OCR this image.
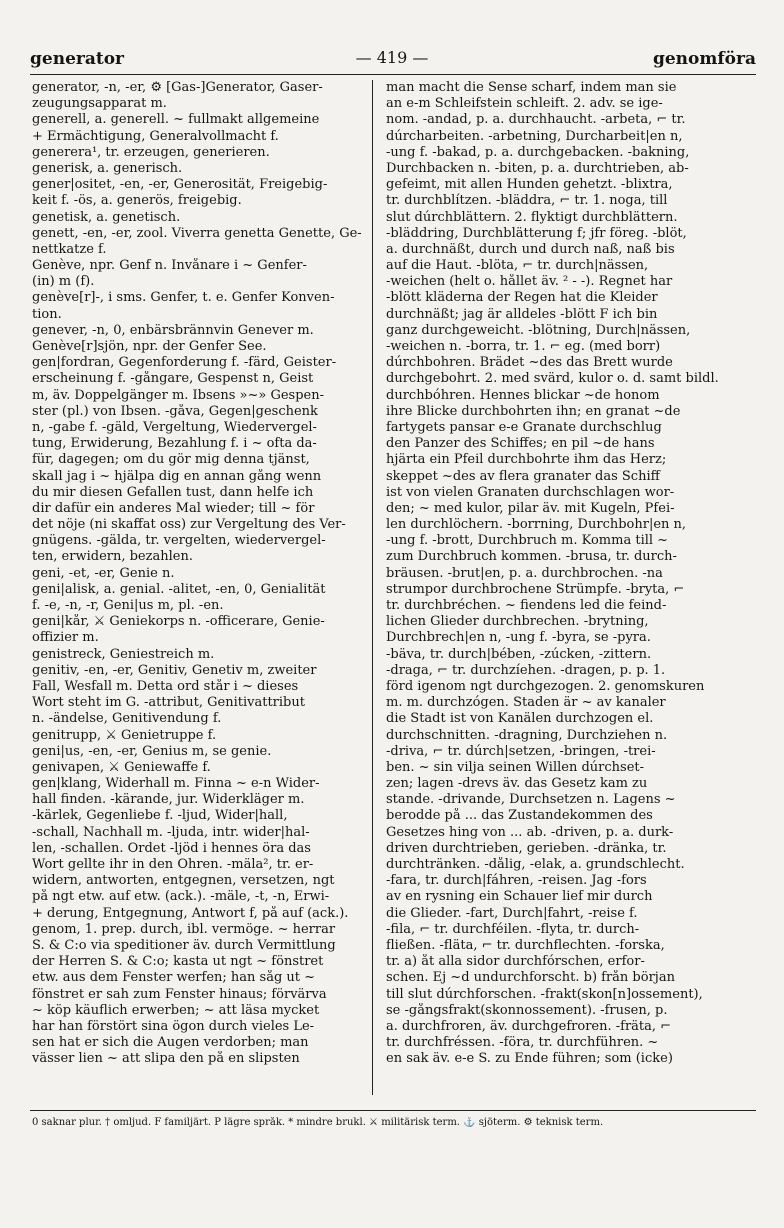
generator	— 419 —	genomföra
generator, -n, -er, ⚙ [Gas-]Generator, Gaser-
zeugungsapparat m.
generell, a. generell. ~ fullmakt allgemeine
+ Ermächtigung, Generalvollmacht f.
generera¹, tr. erzeugen, generieren.
generisk, a. generisch.
gener|ositet, -en, -er, Generosität, Freigebig-
keit f. -ös, a. generös, freigebig.
genetisk, a. genetisch.
genett, -en, -er, zool. Viverra genetta Genette, Ge-
nettkatze f.
Genève, npr. Genf n. Invånare i ~ Genfer-
(in) m (f).
genève[r]-, i sms. Genfer, t. e. Genfer Konven-
tion.
genever, -n, 0, enbärsbrännvin Genever m.
Genève[r]sjön, npr. der Genfer See.
gen|fordran, Gegenforderung f. -färd, Geister-
erscheinung f. -gångare, Gespenst n, Geist
m, äv. Doppelgänger m. Ibsens »~» Gespen-
ster (pl.) von Ibsen. -gåva, Gegen|geschenk
n, -gabe f. -gäld, Vergeltung, Wiedervergel-
tung, Erwiderung, Bezahlung f. i ~ ofta da-
für, dagegen; om du gör mig denna tjänst,
skall jag i ~ hjälpa dig en annan gång wenn
du mir diesen Gefallen tust, dann helfe ich
dir dafür ein anderes Mal wieder; till ~ för
det nöje (ni skaffat oss) zur Vergeltung des Ver-
gnügens. -gälda, tr. vergelten, wiedervergel-
ten, erwidern, bezahlen.
geni, -et, -er, Genie n.
geni|alisk, a. genial. -alitet, -en, 0, Genialität
f. -e, -n, -r, Geni|us m, pl. -en.
geni|kår, ⚔ Geniekorps n. -officerare, Genie-
offizier m.
genistreck, Geniestreich m.
genitiv, -en, -er, Genitiv, Genetiv m, zweiter
Fall, Wesfall m. Detta ord står i ~ dieses
Wort steht im G. -attribut, Genitivattribut
n. -ändelse, Genitivendung f.
genitrupp, ⚔ Genietruppe f.
geni|us, -en, -er, Genius m, se genie.
genivapen, ⚔ Geniewaffe f.
gen|klang, Widerhall m. Finna ~ e-n Wider-
hall finden. -kärande, jur. Widerkläger m.
-kärlek, Gegenliebe f. -ljud, Wider|hall,
-schall, Nachhall m. -ljuda, intr. wider|hal-
len, -schallen. Ordet -ljöd i hennes öra das
Wort gellte ihr in den Ohren. -mäla², tr. er-
widern, antworten, entgegnen, versetzen, ngt
på ngt etw. auf etw. (ack.). -mäle, -t, -n, Erwi-
+ derung, Entgegnung, Antwort f, på auf (ack.).
genom, 1. prep. durch, ibl. vermöge. ~ herrar
S. & C:o via speditioner äv. durch Vermittlung
der Herren S. & C:o; kasta ut ngt ~ fönstret
etw. aus dem Fenster werfen; han såg ut ~
fönstret er sah zum Fenster hinaus; förvärva
~ köp käuflich erwerben; ~ att läsa mycket
har han förstört sina ögon durch vieles Le-
sen hat er sich die Augen verdorben; man
vässer lien ~ att slipa den på en slipsten
man macht die Sense scharf, indem man sie
an e-m Schleifstein schleift. 2. adv. se ige-
nom. -andad, p. a. durchhaucht. -arbeta, ⌐ tr.
dúrcharbeiten. -arbetning, Durcharbeit|en n,
-ung f. -bakad, p. a. durchgebacken. -bakning,
Durchbacken n. -biten, p. a. durchtrieben, ab-
gefeimt, mit allen Hunden gehetzt. -blixtra,
tr. durchblítzen. -bläddra, ⌐ tr. 1. noga, till
slut dúrchblättern. 2. flyktigt durchblättern.
-bläddring, Durchblätterung f; jfr föreg. -blöt,
a. durchnäßt, durch und durch naß, naß bis
auf die Haut. -blöta, ⌐ tr. durch|nässen,
-weichen (helt o. hållet äv. ² - -). Regnet har
-blött kläderna der Regen hat die Kleider
durchnäßt; jag är alldeles -blött F ich bin
ganz durchgeweicht. -blötning, Durch|nässen,
-weichen n. -borra, tr. 1. ⌐ eg. (med borr)
dúrchbohren. Brädet ~des das Brett wurde
durchgebohrt. 2. med svärd, kulor o. d. samt bildl.
durchbóhren. Hennes blickar ~de honom
ihre Blicke durchbohrten ihn; en granat ~de
fartygets pansar e-e Granate durchschlug
den Panzer des Schiffes; en pil ~de hans
hjärta ein Pfeil durchbohrte ihm das Herz;
skeppet ~des av flera granater das Schiff
ist von vielen Granaten durchschlagen wor-
den; ~ med kulor, pilar äv. mit Kugeln, Pfei-
len durchlöchern. -borrning, Durchbohr|en n,
-ung f. -brott, Durchbruch m. Komma till ~
zum Durchbruch kommen. -brusa, tr. durch-
bräusen. -brut|en, p. a. durchbrochen. -na
strumpor durchbrochene Strümpfe. -bryta, ⌐
tr. durchbréchen. ~ fiendens led die feind-
lichen Glieder durchbrechen. -brytning,
Durchbrech|en n, -ung f. -byra, se -pyra.
-bäva, tr. durch|bében, -zúcken, -zittern.
-draga, ⌐ tr. durchzíehen. -dragen, p. p. 1.
förd igenom ngt durchgezogen. 2. genomskuren
m. m. durchzógen. Staden är ~ av kanaler
die Stadt ist von Kanälen durchzogen el.
durchschnitten. -dragning, Durchziehen n.
-driva, ⌐ tr. dúrch|setzen, -bringen, -trei-
ben. ~ sin vilja seinen Willen dúrchset-
zen; lagen -drevs äv. das Gesetz kam zu
stande. -drivande, Durchsetzen n. Lagens ~
berodde på ... das Zustandekommen des
Gesetzes hing von ... ab. -driven, p. a. durk-
driven durchtrieben, gerieben. -dränka, tr.
durchtränken. -dålig, -elak, a. grundschlecht.
-fara, tr. durch|fáhren, -reisen. Jag -fors
av en rysning ein Schauer lief mir durch
die Glieder. -fart, Durch|fahrt, -reise f.
-fila, ⌐ tr. durchféilen. -flyta, tr. durch-
fließen. -fläta, ⌐ tr. durchflechten. -forska,
tr. a) åt alla sidor durchfórschen, erfor-
schen. Ej ~d undurchforscht. b) från början
till slut dúrchforschen. -frakt(skon[n]ossement),
se -gångsfrakt(skonnossement). -frusen, p.
a. durchfroren, äv. durchgefroren. -fräta, ⌐
tr. durchfréssen. -föra, tr. durchführen. ~
en sak äv. e-e S. zu Ende führen; som (icke)
0 saknar plur. † omljud. F familjärt. P lägre språk. * mindre brukl. ⚔ militärisk term. ⚓ sjöterm. ⚙ teknisk term.
